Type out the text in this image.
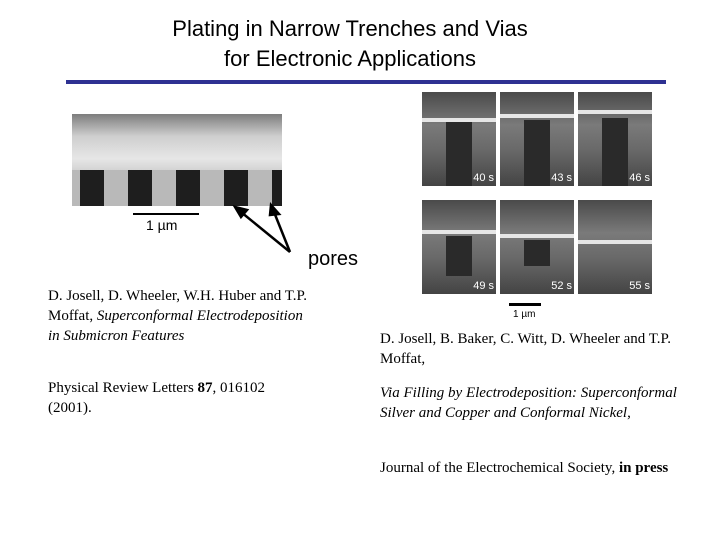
Plating in Narrow Trenches and Vias
for Electronic Applications
1 µm
pores
40 s	43 s	46 s
49 s	52 s	55 s
1 µm
D. Josell, D. Wheeler, W.H. Huber and T.P. Moffat, Superconformal Electrodeposition in Submicron Features
Physical Review Letters 87, 016102 (2001).
D. Josell, B. Baker, C. Witt, D. Wheeler and T.P. Moffat,
Via Filling by Electrodeposition: Superconformal Silver and Copper and Conformal Nickel,
Journal of the Electrochemical Society, in press
